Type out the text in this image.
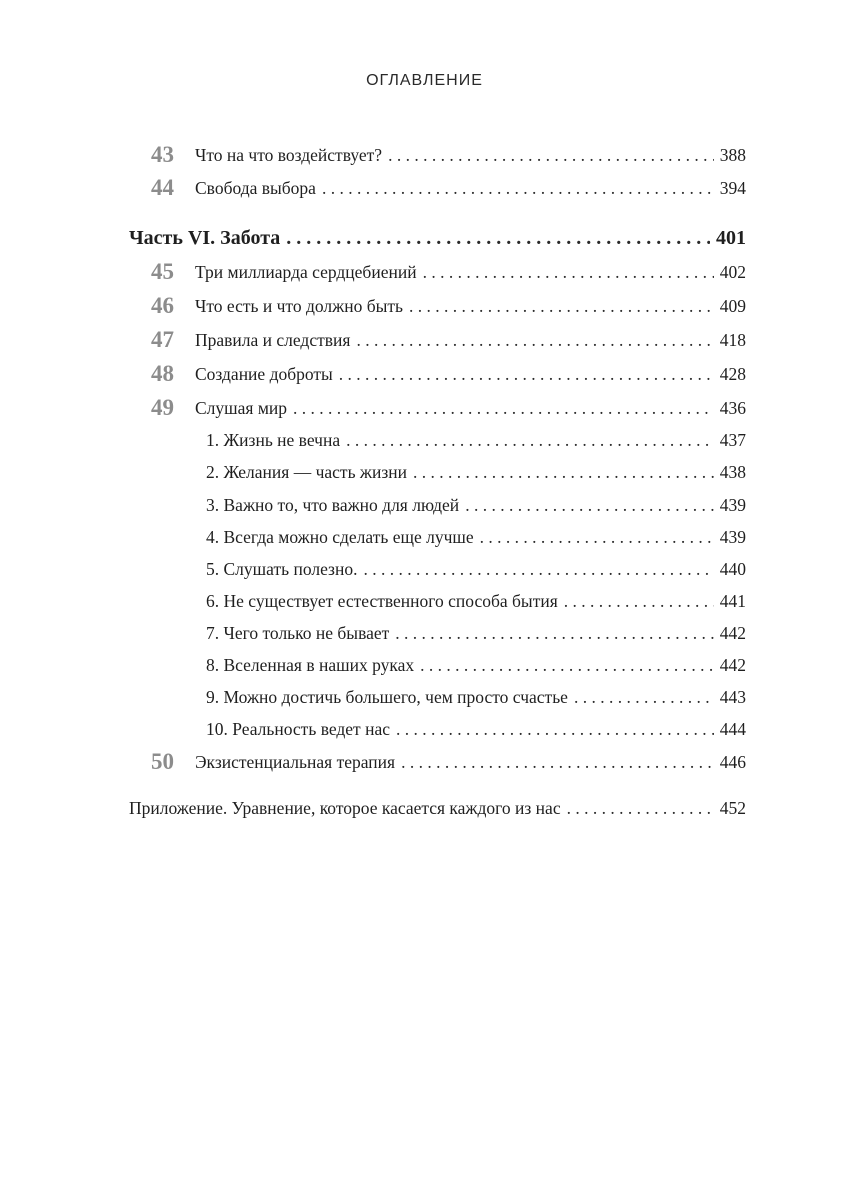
ОГЛАВЛЕНИЕ
43	Что на что воздействует? . . .	388
44	Свобода выбора . . .	394
Часть VI. Забота . . .	401
45	Три миллиарда сердцебиений . . .	402
46	Что есть и что должно быть . . .	409
47	Правила и следствия . . .	418
48	Создание доброты . . .	428
49	Слушая мир . . .	436
1. Жизнь не вечна . . .	437
2. Желания — часть жизни . . .	438
3. Важно то, что важно для людей . . .	439
4. Всегда можно сделать еще лучше . . .	439
5. Слушать полезно. . . .	440
6. Не существует естественного способа бытия . . .	441
7. Чего только не бывает . . .	442
8. Вселенная в наших руках . . .	442
9. Можно достичь большего, чем просто счастье . . .	443
10. Реальность ведет нас . . .	444
50	Экзистенциальная терапия . . .	446
Приложение. Уравнение, которое касается каждого из нас . . .	452
